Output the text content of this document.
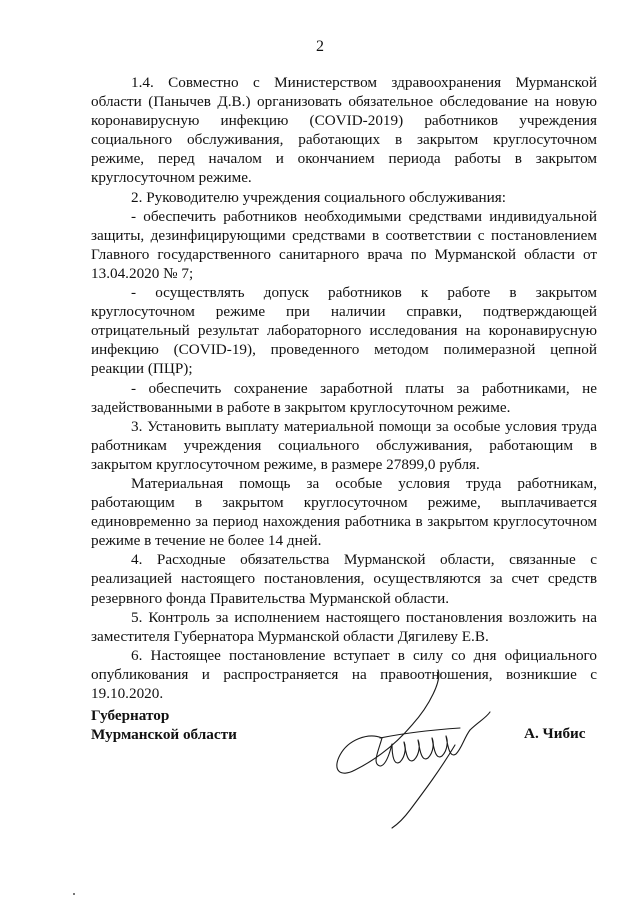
2

1.4. Совместно с Министерством здравоохранения Мурманской области (Панычев Д.В.) организовать обязательное обследование на новую коронавирусную инфекцию (COVID-2019) работников учреждения социального обслуживания, работающих в закрытом круглосуточном режиме, перед началом и окончанием периода работы в закрытом круглосуточном режиме.

2. Руководителю учреждения социального обслуживания:

- обеспечить работников необходимыми средствами индивидуальной защиты, дезинфицирующими средствами в соответствии с постановлением Главного государственного санитарного врача по Мурманской области от 13.04.2020 № 7;

- осуществлять допуск работников к работе в закрытом круглосуточном режиме при наличии справки, подтверждающей отрицательный результат лабораторного исследования на коронавирусную инфекцию (COVID-19), проведенного методом полимеразной цепной реакции (ПЦР);

- обеспечить сохранение заработной платы за работниками, не задействованными в работе в закрытом круглосуточном режиме.

3. Установить выплату материальной помощи за особые условия труда работникам учреждения социального обслуживания, работающим в закрытом круглосуточном режиме, в размере 27899,0 рубля.

Материальная помощь за особые условия труда работникам, работающим в закрытом круглосуточном режиме, выплачивается единовременно за период нахождения работника в закрытом круглосуточном режиме в течение не более 14 дней.

4. Расходные обязательства Мурманской области, связанные с реализацией настоящего постановления, осуществляются за счет средств резервного фонда Правительства Мурманской области.

5. Контроль за исполнением настоящего постановления возложить на заместителя Губернатора Мурманской области Дягилеву Е.В.

6. Настоящее постановление вступает в силу со дня официального опубликования и распространяется на правоотношения, возникшие с 19.10.2020.

Губернатор
Мурманской области	А. Чибис
